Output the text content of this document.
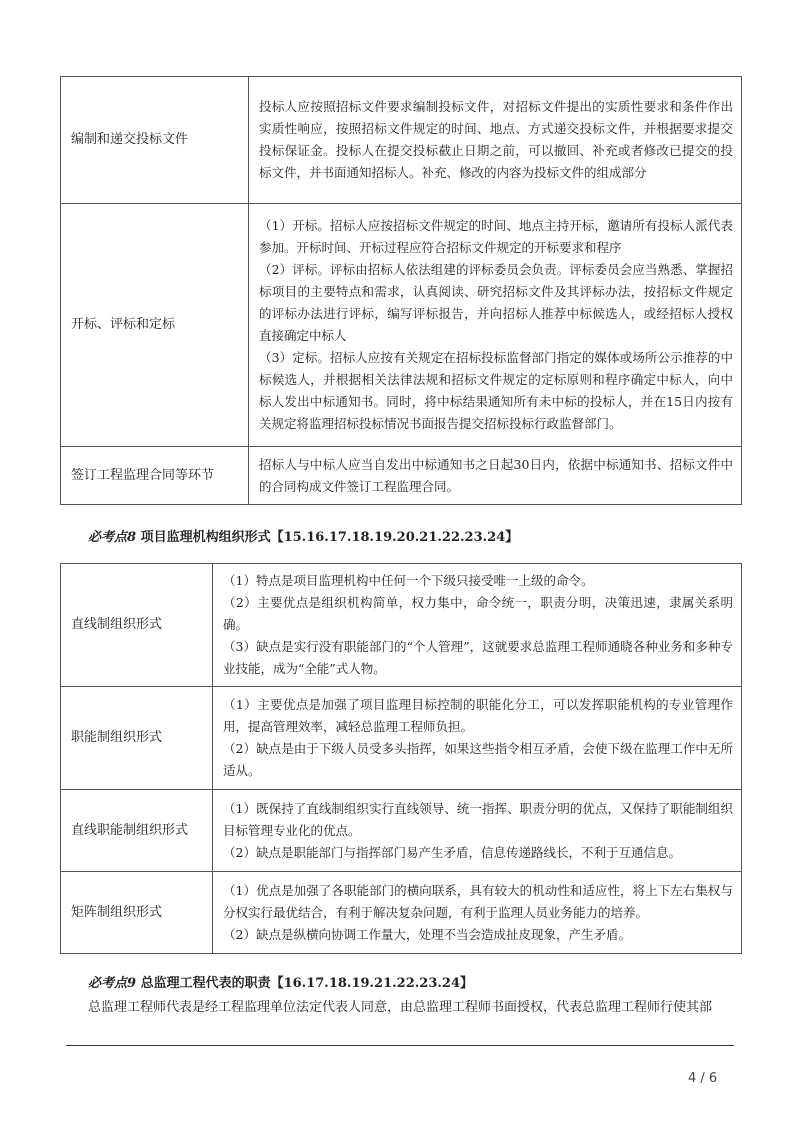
编制和递交投标文件	投标人应按照招标文件要求编制投标文件，对招标文件提出的实质性要求和条件作出实质性响应，按照招标文件规定的时间、地点、方式递交投标文件，并根据要求提交投标保证金。投标人在提交投标截止日期之前，可以撤回、补充或者修改已提交的投标文件，并书面通知招标人。补充、修改的内容为投标文件的组成部分
开标、评标和定标	（1）开标。招标人应按招标文件规定的时间、地点主持开标，邀请所有投标人派代表参加。开标时间、开标过程应符合招标文件规定的开标要求和程序

（2）评标。评标由招标人依法组建的评标委员会负责。评标委员会应当熟悉、掌握招标项目的主要特点和需求，认真阅读、研究招标文件及其评标办法，按招标文件规定的评标办法进行评标，编写评标报告，并向招标人推荐中标候选人，或经招标人授权直接确定中标人

（3）定标。招标人应按有关规定在招标投标监督部门指定的媒体或场所公示推荐的中标候选人，并根据相关法律法规和招标文件规定的定标原则和程序确定中标人，向中标人发出中标通知书。同时，将中标结果通知所有未中标的投标人，并在15日内按有关规定将监理招标投标情况书面报告提交招标投标行政监督部门。

签订工程监理合同等环节	招标人与中标人应当自发出中标通知书之日起30日内，依据中标通知书、招标文件中的合同构成文件签订工程监理合同。
必考点8 项目监理机构组织形式【15.16.17.18.19.20.21.22.23.24】
直线制组织形式	（1）特点是项目监理机构中任何一个下级只接受唯一上级的命令。

（2）主要优点是组织机构简单，权力集中，命令统一，职责分明，决策迅速，隶属关系明确。

（3）缺点是实行没有职能部门的“个人管理”，这就要求总监理工程师通晓各种业务和多种专业技能，成为“全能”式人物。

职能制组织形式	（1）主要优点是加强了项目监理目标控制的职能化分工，可以发挥职能机构的专业管理作用，提高管理效率，减轻总监理工程师负担。

（2）缺点是由于下级人员受多头指挥，如果这些指令相互矛盾，会使下级在监理工作中无所适从。

直线职能制组织形式	（1）既保持了直线制组织实行直线领导、统一指挥、职责分明的优点，又保持了职能制组织目标管理专业化的优点。

（2）缺点是职能部门与指挥部门易产生矛盾，信息传递路线长，不利于互通信息。

矩阵制组织形式	（1）优点是加强了各职能部门的横向联系，具有较大的机动性和适应性，将上下左右集权与分权实行最优结合，有利于解决复杂问题，有利于监理人员业务能力的培养。

（2）缺点是纵横向协调工作量大，处理不当会造成扯皮现象，产生矛盾。

必考点9 总监理工程代表的职责【16.17.18.19.21.22.23.24】
总监理工程师代表是经工程监理单位法定代表人同意，由总监理工程师书面授权，代表总监理工程师行使其部
4 / 6
